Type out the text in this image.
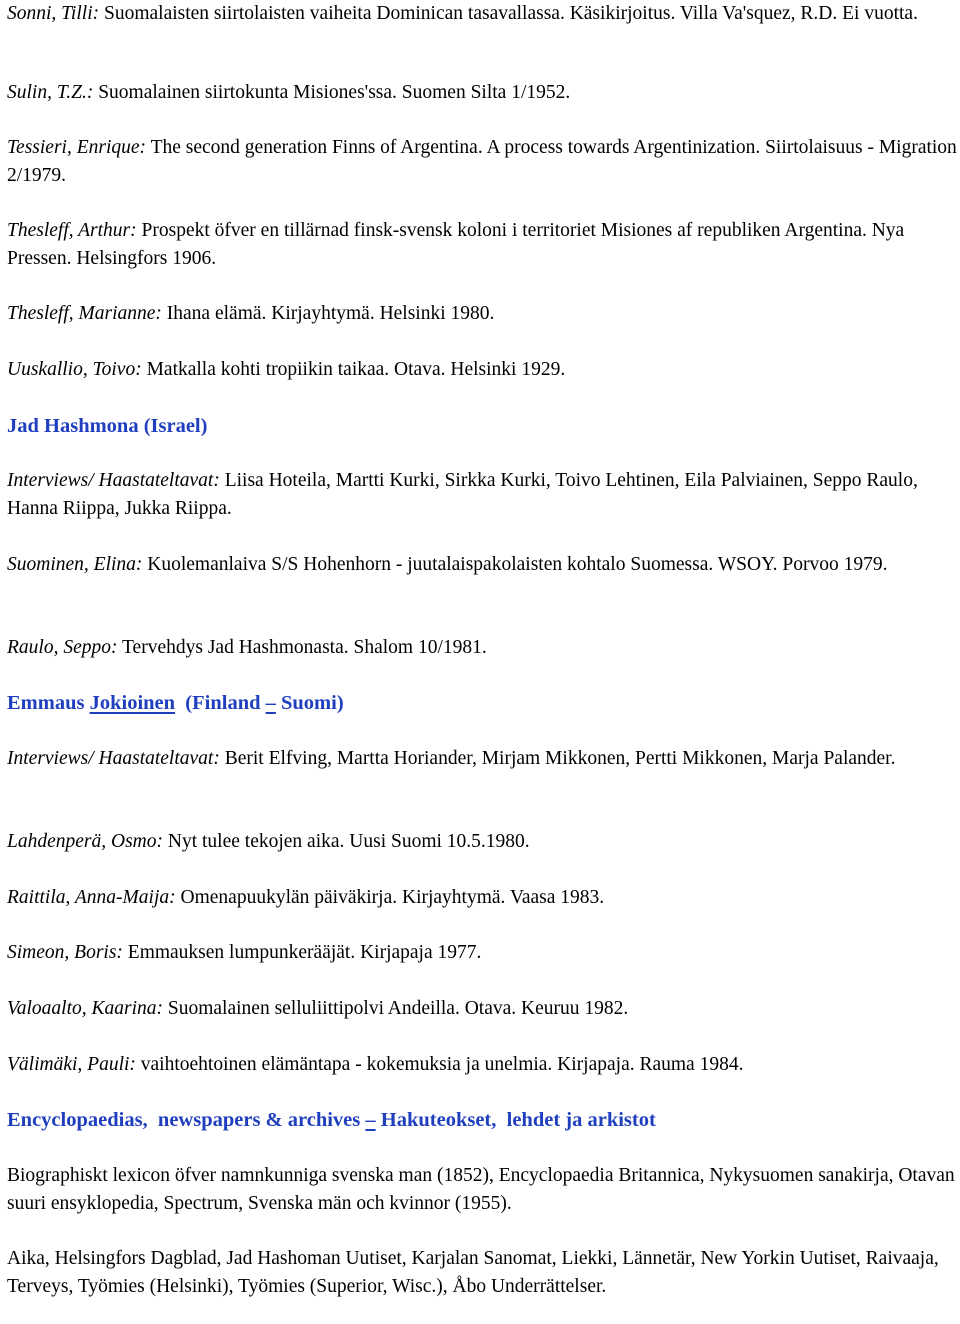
Sonni, Tilli: Suomalaisten siirtolaisten vaiheita Dominican tasavallassa. Käsikirjoitus. Villa Va'squez, R.D. Ei vuotta.

Sulin, T.Z.: Suomalainen siirtokunta Misiones'ssa. Suomen Silta 1/1952.

Tessieri, Enrique: The second generation Finns of Argentina. A process towards Argentinization. Siirtolaisuus - Migration 2/1979.

Thesleff, Arthur: Prospekt öfver en tillärnad finsk-svensk koloni i territoriet Misiones af republiken Argentina. Nya Pressen. Helsingfors 1906.

Thesleff, Marianne: Ihana elämä. Kirjayhtymä. Helsinki 1980.

Uuskallio, Toivo: Matkalla kohti tropiikin taikaa. Otava. Helsinki 1929.

Jad Hashmona (Israel)

Interviews/ Haastateltavat: Liisa Hoteila, Martti Kurki, Sirkka Kurki, Toivo Lehtinen, Eila Palviainen, Seppo Raulo, Hanna Riippa, Jukka Riippa.

Suominen, Elina: Kuolemanlaiva S/S Hohenhorn - juutalaispakolaisten kohtalo Suomessa. WSOY. Porvoo 1979.

Raulo, Seppo: Tervehdys Jad Hashmonasta. Shalom 10/1981.

Emmaus Jokioinen  (Finland – Suomi)

Interviews/ Haastateltavat: Berit Elfving, Martta Horiander, Mirjam Mikkonen, Pertti Mikkonen, Marja Palander.

Lahdenperä, Osmo: Nyt tulee tekojen aika. Uusi Suomi 10.5.1980.

Raittila, Anna-Maija: Omenapuukylän päiväkirja. Kirjayhtymä. Vaasa 1983.

Simeon, Boris: Emmauksen lumpunkerääjät. Kirjapaja 1977.

Valoaalto, Kaarina: Suomalainen selluliittipolvi Andeilla. Otava. Keuruu 1982.

Välimäki, Pauli: vaihtoehtoinen elämäntapa - kokemuksia ja unelmia. Kirjapaja. Rauma 1984.

Encyclopaedias,  newspapers & archives – Hakuteokset,  lehdet ja arkistot

Biographiskt lexicon öfver namnkunniga svenska man (1852), Encyclopaedia Britannica, Nykysuomen sanakirja, Otavan suuri ensyklopedia, Spectrum, Svenska män och kvinnor (1955).

Aika, Helsingfors Dagblad, Jad Hashoman Uutiset, Karjalan Sanomat, Liekki, Lännetär, New Yorkin Uutiset, Raivaaja, Terveys, Työmies (Helsinki), Työmies (Superior, Wisc.), Åbo Underrättelser.
